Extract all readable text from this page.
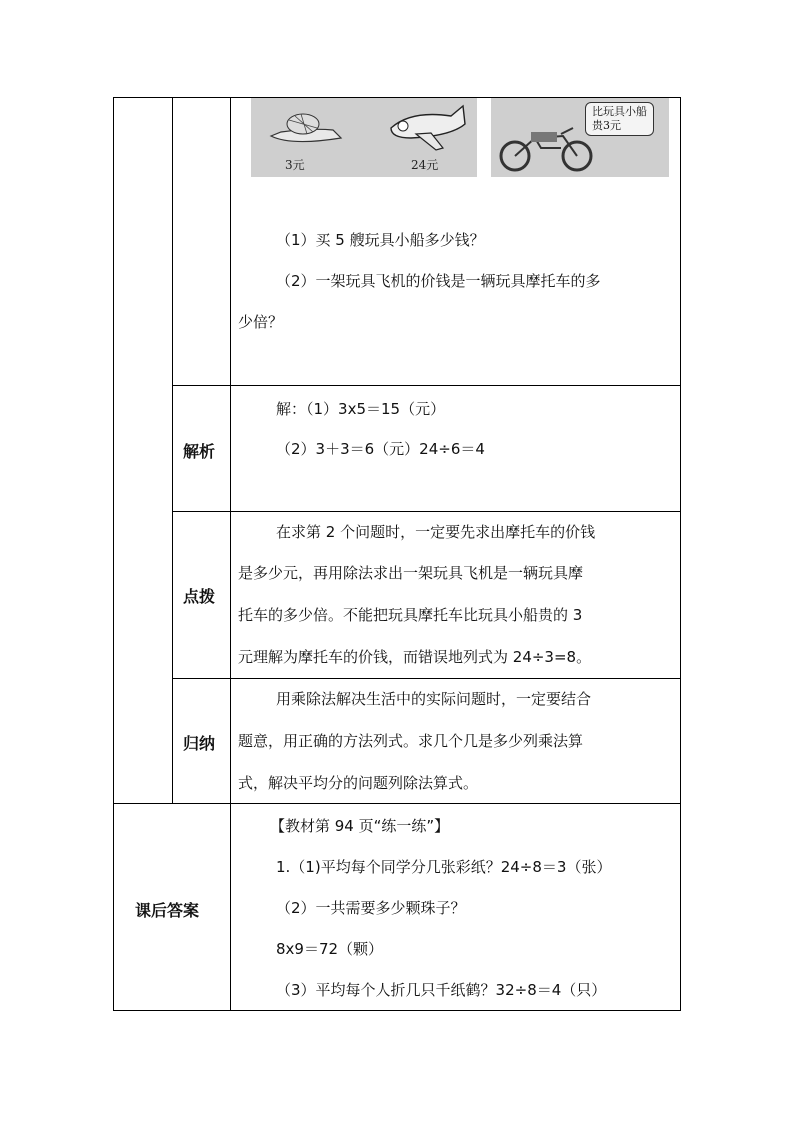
3元	24元
比玩具小船
贵3元
（1）买 5 艘玩具小船多少钱？
（2）一架玩具飞机的价钱是一辆玩具摩托车的多
少倍？
解析
解：（1）3x5＝15（元）
（2）3＋3＝6（元）24÷6＝4
点拨
在求第 2 个问题时，一定要先求出摩托车的价钱
是多少元，再用除法求出一架玩具飞机是一辆玩具摩
托车的多少倍。不能把玩具摩托车比玩具小船贵的 3
元理解为摩托车的价钱，而错误地列式为 24÷3=8。
归纳
用乘除法解决生活中的实际问题时，一定要结合
题意，用正确的方法列式。求几个几是多少列乘法算
式，解决平均分的问题列除法算式。
课后答案
【教材第 94 页“练一练”】
1.（1)平均每个同学分几张彩纸？24÷8＝3（张）
（2）一共需要多少颗珠子？
8x9＝72（颗）
（3）平均每个人折几只千纸鹤？32÷8＝4（只）
